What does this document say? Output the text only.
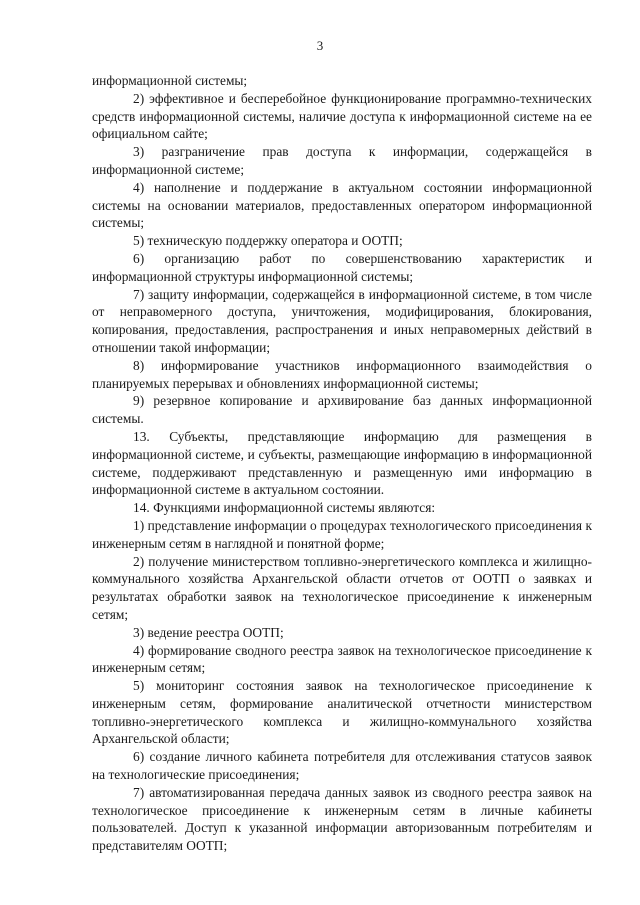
3

информационной системы;

2) эффективное и бесперебойное функционирование программно-технических средств информационной системы, наличие доступа к информационной системе на ее официальном сайте;

3) разграничение прав доступа к информации, содержащейся в информационной системе;

4) наполнение и поддержание в актуальном состоянии информационной системы на основании материалов, предоставленных оператором информационной системы;

5) техническую поддержку оператора и ООТП;

6) организацию работ по совершенствованию характеристик и информационной структуры информационной системы;

7) защиту информации, содержащейся в информационной системе, в том числе от неправомерного доступа, уничтожения, модифицирования, блокирования, копирования, предоставления, распространения и иных неправомерных действий в отношении такой информации;

8) информирование участников информационного взаимодействия о планируемых перерывах и обновлениях информационной системы;

9) резервное копирование и архивирование баз данных информационной системы.

13. Субъекты, представляющие информацию для размещения в информационной системе, и субъекты, размещающие информацию в информационной системе, поддерживают представленную и размещенную ими информацию в информационной системе в актуальном состоянии.

14. Функциями информационной системы являются:

1) представление информации о процедурах технологического присоединения к инженерным сетям в наглядной и понятной форме;

2) получение министерством топливно-энергетического комплекса и жилищно-коммунального хозяйства Архангельской области отчетов от ООТП о заявках и результатах обработки заявок на технологическое присоединение к инженерным сетям;

3) ведение реестра ООТП;

4) формирование сводного реестра заявок на технологическое присоединение к инженерным сетям;

5) мониторинг состояния заявок на технологическое присоединение к инженерным сетям, формирование аналитической отчетности министерством топливно-энергетического комплекса и жилищно-коммунального хозяйства Архангельской области;

6) создание личного кабинета потребителя для отслеживания статусов заявок на технологические присоединения;

7) автоматизированная передача данных заявок из сводного реестра заявок на технологическое присоединение к инженерным сетям в личные кабинеты пользователей. Доступ к указанной информации авторизованным потребителям и представителям ООТП;
